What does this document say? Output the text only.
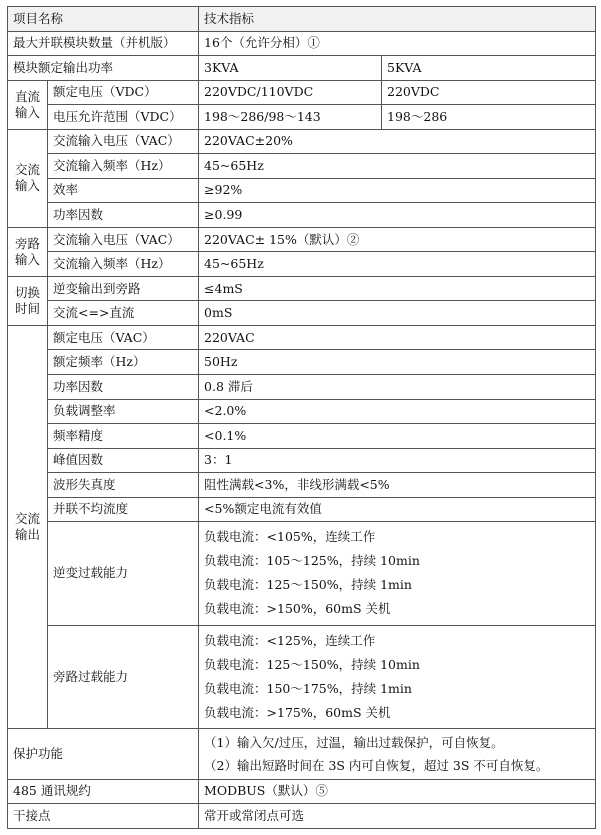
项目名称		技术指标	
最大并联模块数量（并机版）		16个（允许分相）①	
模块额定输出功率		3KVA	5KVA
直流
输入	额定电压（VDC）	220VDC/110VDC	220VDC
	电压允许范围（VDC）	198～286/98～143	198～286
交流
输入	交流输入电压（VAC）	220VAC±20%	
	交流输入频率（Hz）	45~65Hz	
	效率	≥92%	
	功率因数	≥0.99	
旁路
输入	交流输入电压（VAC）	220VAC± 15%（默认）②	
	交流输入频率（Hz）	45~65Hz	
切换
时间	逆变输出到旁路	≤4mS	
	交流<=>直流	0mS	
交流
输出	额定电压（VAC）	220VAC	
	额定频率（Hz）	50Hz	
	功率因数	0.8 滞后	
	负载调整率	<2.0%	
	频率精度	<0.1%	
	峰值因数	3：1	
	波形失真度	阻性满载<3%，非线形满载<5%	
	并联不均流度	<5%额定电流有效值	
	逆变过载能力	负载电流：<105%，连续工作
负载电流：105～125%，持续 10min
负载电流：125～150%，持续 1min
负载电流：>150%，60mS 关机	

	旁路过载能力	负载电流：<125%，连续工作
负载电流：125～150%，持续 10min
负载电流：150～175%，持续 1min
负载电流：>175%，60mS 关机	

保护功能		（1）输入欠/过压，过温，输出过载保护，可自恢复。
（2）输出短路时间在 3S 内可自恢复，超过 3S 不可自恢复。	

485 通讯规约		MODBUS（默认）⑤	
干接点		常开或常闭点可选	
